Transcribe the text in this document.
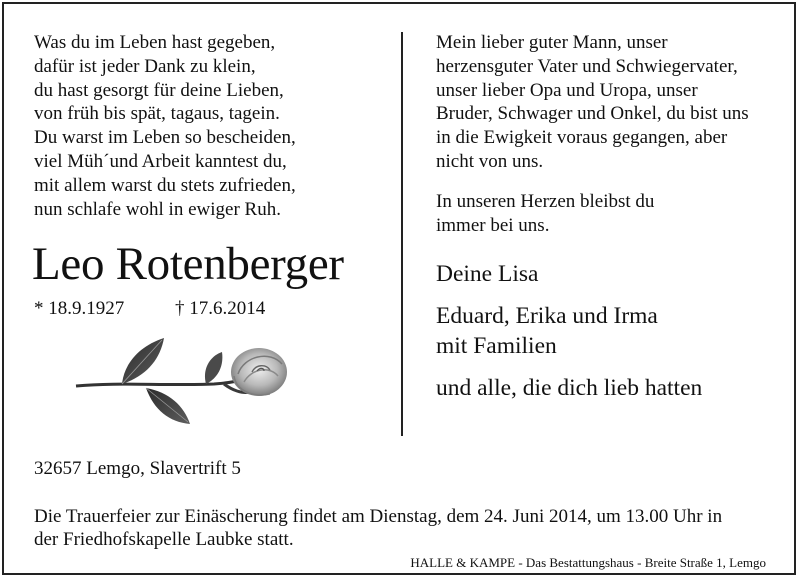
Was du im Leben hast gegeben,
dafür ist jeder Dank zu klein,
du hast gesorgt für deine Lieben,
von früh bis spät, tagaus, tagein.
Du warst im Leben so bescheiden,
viel Müh´und Arbeit kanntest du,
mit allem warst du stets zufrieden,
nun schlafe wohl in ewiger Ruh.
Leo Rotenberger
* 18.9.1927	† 17.6.2014
Mein lieber guter Mann, unser
herzensguter Vater und Schwiegervater,
unser lieber Opa und Uropa, unser
Bruder, Schwager und Onkel, du bist uns
in die Ewigkeit voraus gegangen, aber
nicht von uns.
In unseren Herzen bleibst du
immer bei uns.
Deine Lisa
Eduard, Erika und Irma
mit Familien
und alle, die dich lieb hatten
32657 Lemgo, Slavertrift 5
Die Trauerfeier zur Einäscherung findet am Dienstag, dem 24. Juni 2014, um 13.00 Uhr in
der Friedhofskapelle Laubke statt.
HALLE & KAMPE - Das Bestattungshaus - Breite Straße 1, Lemgo
